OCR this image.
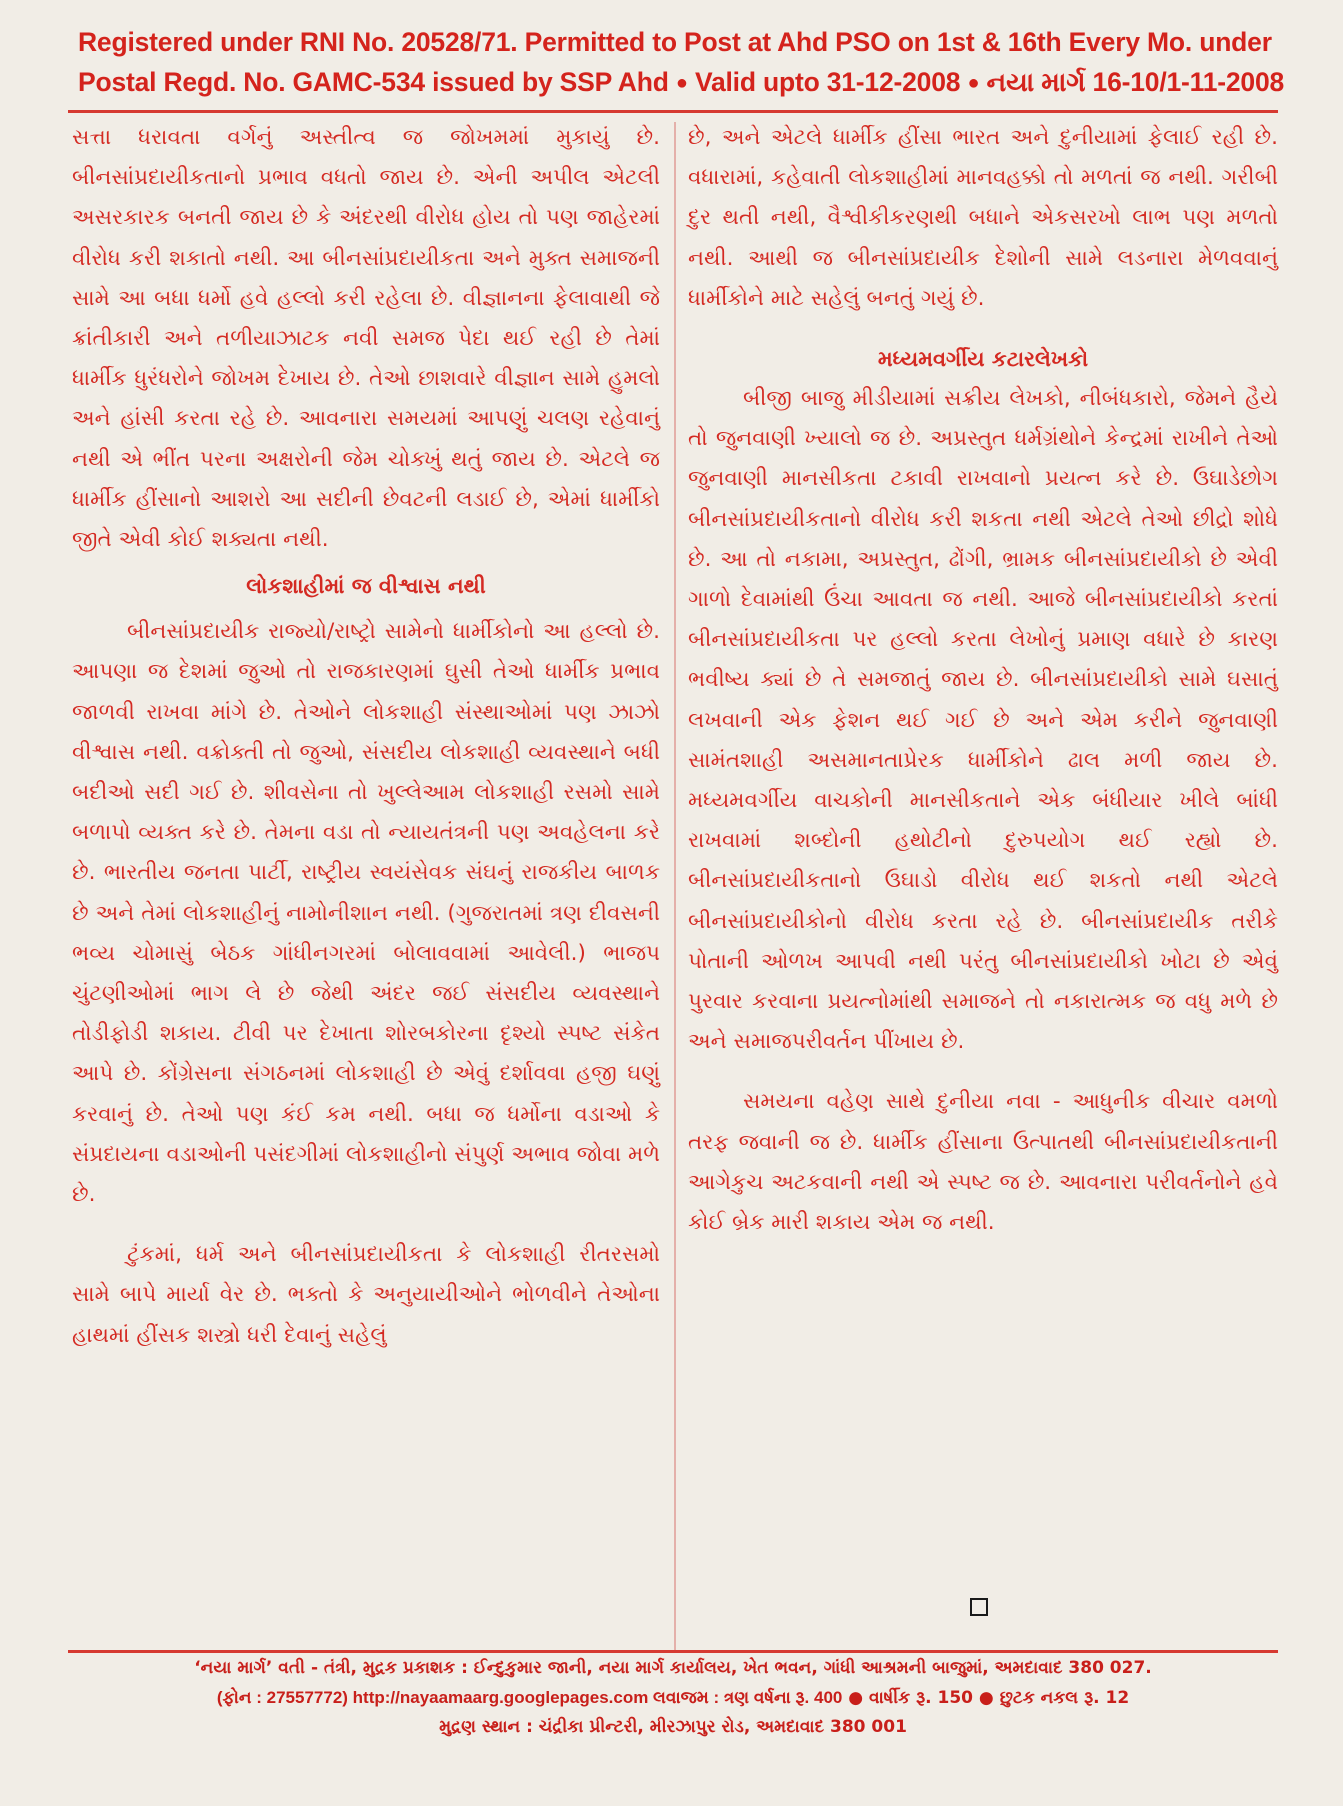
Registered under RNI No. 20528/71. Permitted to Post at Ahd PSO on 1st & 16th Every Mo. under
Postal Regd. No. GAMC-534 issued by SSP Ahd ● Valid upto 31-12-2008 ● નયા માર્ગ 16-10/1-11-2008

સત્તા ધરાવતા વર્ગનું અસ્તીત્વ જ જોખમમાં મુકાયું છે. બીનસાંપ્રદાયીકતાનો પ્રભાવ વધતો જાય છે. એની અપીલ એટલી અસરકારક બનતી જાય છે કે અંદરથી વીરોધ હોય તો પણ જાહેરમાં વીરોધ કરી શકાતો નથી. આ બીનસાંપ્રદાયીકતા અને મુક્ત સમાજની સામે આ બધા ધર્મો હવે હલ્લો કરી રહેલા છે. વીજ્ઞાનના ફેલાવાથી જે ક્રાંતીકારી અને તળીયાઝાટક નવી સમજ પેદા થઈ રહી છે તેમાં ધાર્મીક ધુરંધરોને જોખમ દેખાય છે. તેઓ છાશવારે વીજ્ઞાન સામે હુમલો અને હાંસી કરતા રહે છે. આવનારા સમયમાં આપણું ચલણ રહેવાનું નથી એ ભીંત પરના અક્ષરોની જેમ ચોક્ખું થતું જાય છે. એટલે જ ધાર્મીક હીંસાનો આશરો આ સદીની છેવટની લડાઈ છે, એમાં ધાર્મીકો જીતે એવી કોઈ શક્યતા નથી.

લોકશાહીમાં જ વીશ્વાસ નથી

બીનસાંપ્રદાયીક રાજ્યો/રાષ્ટ્રો સામેનો ધાર્મીકોનો આ હલ્લો છે. આપણા જ દેશમાં જુઓ તો રાજકારણમાં ઘુસી તેઓ ધાર્મીક પ્રભાવ જાળવી રાખવા માંગે છે. તેઓને લોકશાહી સંસ્થાઓમાં પણ ઝાઝો વીશ્વાસ નથી. વક્રોક્તી તો જુઓ, સંસદીય લોકશાહી વ્યવસ્થાને બધી બદીઓ સદી ગઈ છે. શીવસેના તો ખુલ્લેઆમ લોકશાહી રસમો સામે બળાપો વ્યક્ત કરે છે. તેમના વડા તો ન્યાયતંત્રની પણ અવહેલના કરે છે. ભારતીય જનતા પાર્ટી, રાષ્ટ્રીય સ્વયંસેવક સંઘનું રાજકીય બાળક છે અને તેમાં લોકશાહીનું નામોનીશાન નથી. (ગુજરાતમાં ત્રણ દીવસની ભવ્ય ચોમાસું બેઠક ગાંધીનગરમાં બોલાવવામાં આવેલી.) ભાજપ ચુંટણીઓમાં ભાગ લે છે જેથી અંદર જઈ સંસદીય વ્યવસ્થાને તોડીફોડી શકાય. ટીવી પર દેખાતા શોરબકોરના દૃશ્યો સ્પષ્ટ સંકેત આપે છે. કોંગ્રેસના સંગઠનમાં લોકશાહી છે એવું દર્શાવવા હજી ઘણું કરવાનું છે. તેઓ પણ કંઈ કમ નથી. બધા જ ધર્મોના વડાઓ કે સંપ્રદાયના વડાઓની પસંદગીમાં લોકશાહીનો સંપુર્ણ અભાવ જોવા મળે છે.

ટુંકમાં, ધર્મ અને બીનસાંપ્રદાયીકતા કે લોકશાહી રીતરસમો સામે બાપે માર્યા વેર છે. ભક્તો કે અનુયાયીઓને ભોળવીને તેઓના હાથમાં હીંસક શસ્ત્રો ધરી દેવાનું સહેલું

છે, અને એટલે ધાર્મીક હીંસા ભારત અને દુનીયામાં ફેલાઈ રહી છે. વધારામાં, કહેવાતી લોકશાહીમાં માનવહક્કો તો મળતાં જ નથી. ગરીબી દુર થતી નથી, વૈશ્વીકીકરણથી બધાને એકસરખો લાભ પણ મળતો નથી. આથી જ બીનસાંપ્રદાયીક દેશોની સામે લડનારા મેળવવાનું ધાર્મીકોને માટે સહેલું બનતું ગયું છે.

મધ્યમવર્ગીય કટારલેખકો

બીજી બાજુ મીડીયામાં સક્રીય લેખકો, નીબંધકારો, જેમને હૈયે તો જુનવાણી ખ્યાલો જ છે. અપ્રસ્તુત ધર્મગ્રંથોને કેન્દ્રમાં રાખીને તેઓ જુનવાણી માનસીકતા ટકાવી રાખવાનો પ્રયત્ન કરે છે. ઉઘાડેછોગ બીનસાંપ્રદાયીકતાનો વીરોધ કરી શકતા નથી એટલે તેઓ છીદ્રો શોધે છે. આ તો નકામા, અપ્રસ્તુત, ઢોંગી, ભ્રામક બીનસાંપ્રદાયીકો છે એવી ગાળો દેવામાંથી ઉંચા આવતા જ નથી. આજે બીનસાંપ્રદાયીકો કરતાં બીનસાંપ્રદાયીકતા પર હલ્લો કરતા લેખોનું પ્રમાણ વધારે છે કારણ ભવીષ્ય ક્યાં છે તે સમજાતું જાય છે. બીનસાંપ્રદાયીકો સામે ઘસાતું લખવાની એક ફેશન થઈ ગઈ છે અને એમ કરીને જુનવાણી સામંતશાહી અસમાનતાપ્રેરક ધાર્મીકોને ઢાલ મળી જાય છે. મધ્યમવર્ગીય વાચકોની માનસીકતાને એક બંધીયાર ખીલે બાંધી રાખવામાં શબ્દોની હથોટીનો દુરુપયોગ થઈ રહ્યો છે. બીનસાંપ્રદાયીકતાનો ઉઘાડો વીરોધ થઈ શકતો નથી એટલે બીનસાંપ્રદાયીકોનો વીરોધ કરતા રહે છે. બીનસાંપ્રદાયીક તરીકે પોતાની ઓળખ આપવી નથી પરંતુ બીનસાંપ્રદાયીકો ખોટા છે એવું પુરવાર કરવાના પ્રયત્નોમાંથી સમાજને તો નકારાત્મક જ વધુ મળે છે અને સમાજપરીવર્તન પીંખાય છે.

સમયના વહેણ સાથે દુનીયા નવા - આધુનીક વીચાર વમળો તરફ જવાની જ છે. ધાર્મીક હીંસાના ઉત્પાતથી બીનસાંપ્રદાયીકતાની આગેકુચ અટકવાની નથી એ સ્પષ્ટ જ છે. આવનારા પરીવર્તનોને હવે કોઈ બ્રેક મારી શકાય એમ જ નથી.

‘નયા માર્ગ’ વતી - તંત્રી, મુદ્રક પ્રકાશક : ઈન્દુકુમાર જાની, નયા માર્ગ કાર્યાલય, ખેત ભવન, ગાંધી આશ્રમની બાજુમાં, અમદાવાદ 380 027.
(ફોન : 27557772) http://nayaamaarg.googlepages.com લવાજમ : ત્રણ વર્ષના રૂ. 400 ● વાર્ષીક રૂ. 150 ● છુટક નકલ રૂ. 12
મુદ્રણ સ્થાન : ચંદ્રીકા પ્રીન્ટરી, મીરઝાપુર રોડ, અમદાવાદ 380 001
